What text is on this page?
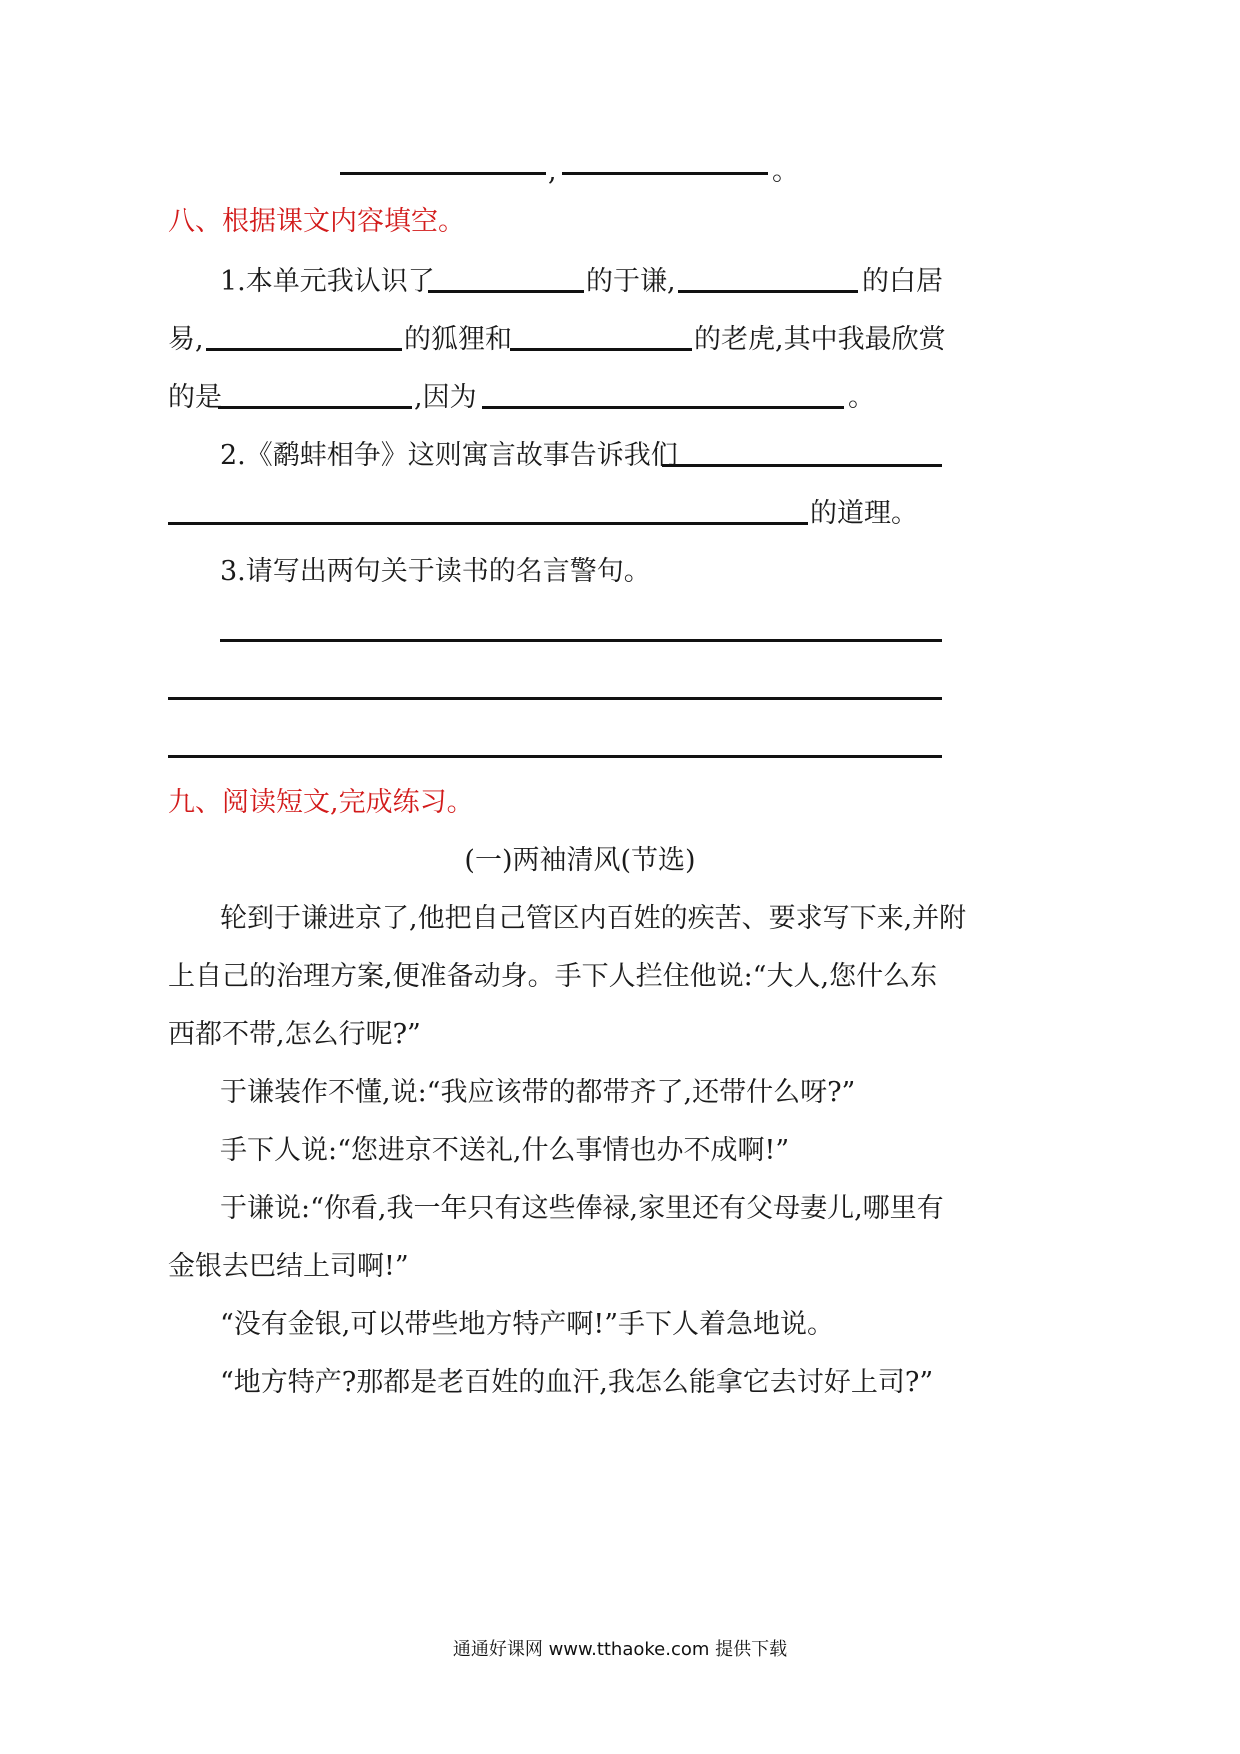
,	。
八、根据课文内容填空。
1.本单元我认识了	的于谦,	的白居
易,	的狐狸和	的老虎,其中我最欣赏
的是	,因为	。
2.《鹬蚌相争》这则寓言故事告诉我们
的道理。
3.请写出两句关于读书的名言警句。
九、阅读短文,完成练习。
(一)两袖清风(节选)
轮到于谦进京了,他把自己管区内百姓的疾苦、要求写下来,并附
上自己的治理方案,便准备动身。手下人拦住他说:“大人,您什么东
西都不带,怎么行呢?”
于谦装作不懂,说:“我应该带的都带齐了,还带什么呀?”
手下人说:“您进京不送礼,什么事情也办不成啊!”
于谦说:“你看,我一年只有这些俸禄,家里还有父母妻儿,哪里有
金银去巴结上司啊!”
“没有金银,可以带些地方特产啊!”手下人着急地说。
“地方特产?那都是老百姓的血汗,我怎么能拿它去讨好上司?”
通通好课网 www.tthaoke.com 提供下载
